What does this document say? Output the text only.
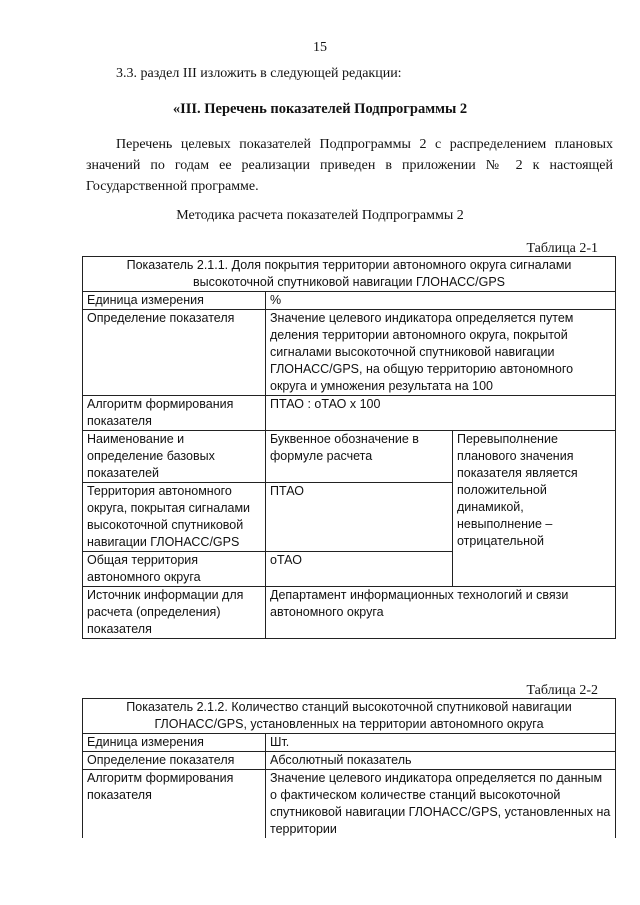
15
3.3. раздел III изложить в следующей редакции:
«III. Перечень показателей Подпрограммы 2

Перечень целевых показателей Подпрограммы 2 с распределением плановых значений по годам ее реализации приведен в приложении № 2 к настоящей Государственной программе.

Методика расчета показателей Подпрограммы 2
Таблица 2-1
Показатель 2.1.1. Доля покрытия территории автономного округа сигналами высокоточной спутниковой навигации ГЛОНАСС/GPS		
Единица измерения	%	
Определение показателя	Значение целевого индикатора определяется путем деления территории автономного округа, покрытой сигналами высокоточной спутниковой навигации ГЛОНАСС/GPS, на общую территорию автономного округа и умножения результата на 100	
Алгоритм формирования показателя	ПТАО : оТАО х 100	
Наименование и определение базовых показателей	Буквенное обозначение в формуле расчета	Перевыполнение планового значения показателя является положительной динамикой, невыполнение – отрицательной
Территория автономного округа, покрытая сигналами высокоточной спутниковой навигации ГЛОНАСС/GPS	ПТАО	
Общая территория автономного округа	оТАО	
Источник информации для расчета (определения) показателя	Департамент информационных технологий и связи автономного округа	
Таблица 2-2
Показатель 2.1.2. Количество станций высокоточной спутниковой навигации ГЛОНАСС/GPS, установленных на территории автономного округа	
Единица измерения	Шт.
Определение показателя	Абсолютный показатель
Алгоритм формирования показателя	Значение целевого индикатора определяется по данным о фактическом количестве станций высокоточной спутниковой навигации ГЛОНАСС/GPS, установленных на территории
